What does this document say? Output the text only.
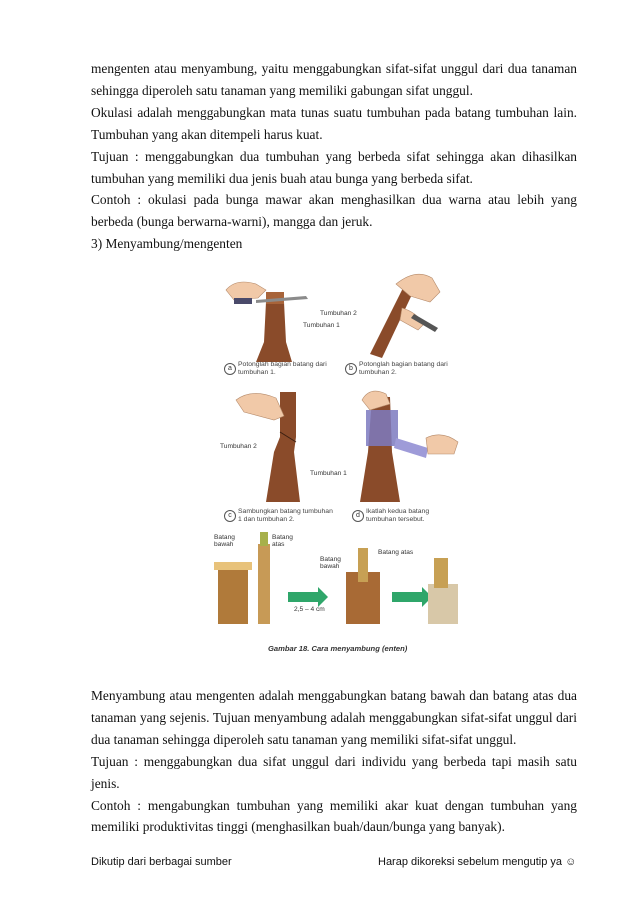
mengenten atau menyambung, yaitu menggabungkan sifat-sifat unggul dari dua tanaman sehingga diperoleh satu tanaman yang memiliki gabungan sifat unggul.

Okulasi adalah menggabungkan mata tunas suatu tumbuhan pada batang tumbuhan lain. Tumbuhan yang akan ditempeli harus kuat.

Tujuan : menggabungkan dua tumbuhan yang berbeda sifat sehingga akan dihasilkan tumbuhan yang memiliki dua jenis buah atau bunga yang berbeda sifat.

Contoh : okulasi pada bunga mawar akan menghasilkan dua warna atau lebih yang berbeda (bunga berwarna-warni), mangga dan jeruk.

3) Menyambung/mengenten

a
Potonglah bagian batang dari tumbuhan 1.
b
Potonglah bagian batang dari tumbuhan 2.
c
Sambungkan batang tumbuhan 1 dan tumbuhan 2.
d
Ikatlah kedua batang tumbuhan tersebut.
Tumbuhan 1
Tumbuhan 2
Tumbuhan 2
Tumbuhan 1
Batang bawah
Batang atas
Batang bawah
Batang atas
2,5 – 4 cm
Gambar 18. Cara menyambung (enten)

Menyambung atau mengenten adalah menggabungkan batang bawah dan batang atas dua tanaman yang sejenis. Tujuan menyambung adalah menggabungkan sifat-sifat unggul dari dua tanaman sehingga diperoleh satu tanaman yang memiliki sifat-sifat unggul.

Tujuan : menggabungkan dua sifat unggul dari individu yang berbeda tapi masih satu jenis.

Contoh : mengabungkan tumbuhan yang memiliki akar kuat dengan tumbuhan yang memiliki produktivitas tinggi (menghasilkan buah/daun/bunga yang banyak).

Dikutip dari berbagai sumber	Harap dikoreksi sebelum mengutip ya ☺
